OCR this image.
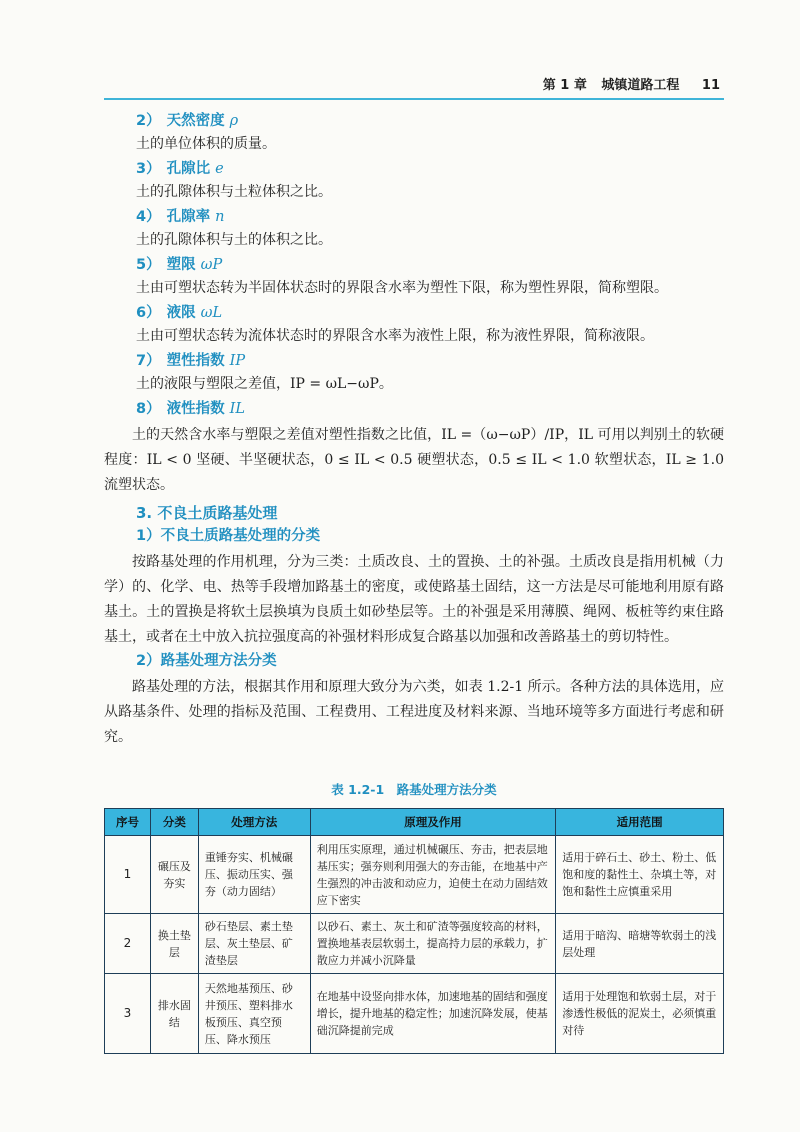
第 1 章 城镇道路工程 11
2） 天然密度 ρ
土的单位体积的质量。
3） 孔隙比 e
土的孔隙体积与土粒体积之比。
4） 孔隙率 n
土的孔隙体积与土的体积之比。
5） 塑限 ωP
土由可塑状态转为半固体状态时的界限含水率为塑性下限，称为塑性界限，简称塑限。
6） 液限 ωL
土由可塑状态转为流体状态时的界限含水率为液性上限，称为液性界限，简称液限。
7） 塑性指数 IP
土的液限与塑限之差值，IP = ωL−ωP。
8） 液性指数 IL
土的天然含水率与塑限之差值对塑性指数之比值，IL =（ω−ωP）/IP，IL 可用以判别土的软硬程度：IL < 0 坚硬、半坚硬状态，0 ≤ IL < 0.5 硬塑状态，0.5 ≤ IL < 1.0 软塑状态，IL ≥ 1.0 流塑状态。
3. 不良土质路基处理
1）不良土质路基处理的分类
按路基处理的作用机理，分为三类：土质改良、土的置换、土的补强。土质改良是指用机械（力学）的、化学、电、热等手段增加路基土的密度，或使路基土固结，这一方法是尽可能地利用原有路基土。土的置换是将软土层换填为良质土如砂垫层等。土的补强是采用薄膜、绳网、板桩等约束住路基土，或者在土中放入抗拉强度高的补强材料形成复合路基以加强和改善路基土的剪切特性。
2）路基处理方法分类
路基处理的方法，根据其作用和原理大致分为六类，如表 1.2-1 所示。各种方法的具体选用，应从路基条件、处理的指标及范围、工程费用、工程进度及材料来源、当地环境等多方面进行考虑和研究。
表 1.2-1　路基处理方法分类
序号	分类	处理方法	原理及作用	适用范围
1	碾压及夯实	重锤夯实、机械碾压、振动压实、强夯（动力固结）	利用压实原理，通过机械碾压、夯击，把表层地基压实；强夯则利用强大的夯击能，在地基中产生强烈的冲击波和动应力，迫使土在动力固结效应下密实	适用于碎石土、砂土、粉土、低饱和度的黏性土、杂填土等，对饱和黏性土应慎重采用
2	换土垫层	砂石垫层、素土垫层、灰土垫层、矿渣垫层	以砂石、素土、灰土和矿渣等强度较高的材料，置换地基表层软弱土，提高持力层的承载力，扩散应力并减小沉降量	适用于暗沟、暗塘等软弱土的浅层处理
3	排水固结	天然地基预压、砂井预压、塑料排水板预压、真空预压、降水预压	在地基中设竖向排水体，加速地基的固结和强度增长，提升地基的稳定性；加速沉降发展，使基础沉降提前完成	适用于处理饱和软弱土层，对于渗透性极低的泥炭土，必须慎重对待
